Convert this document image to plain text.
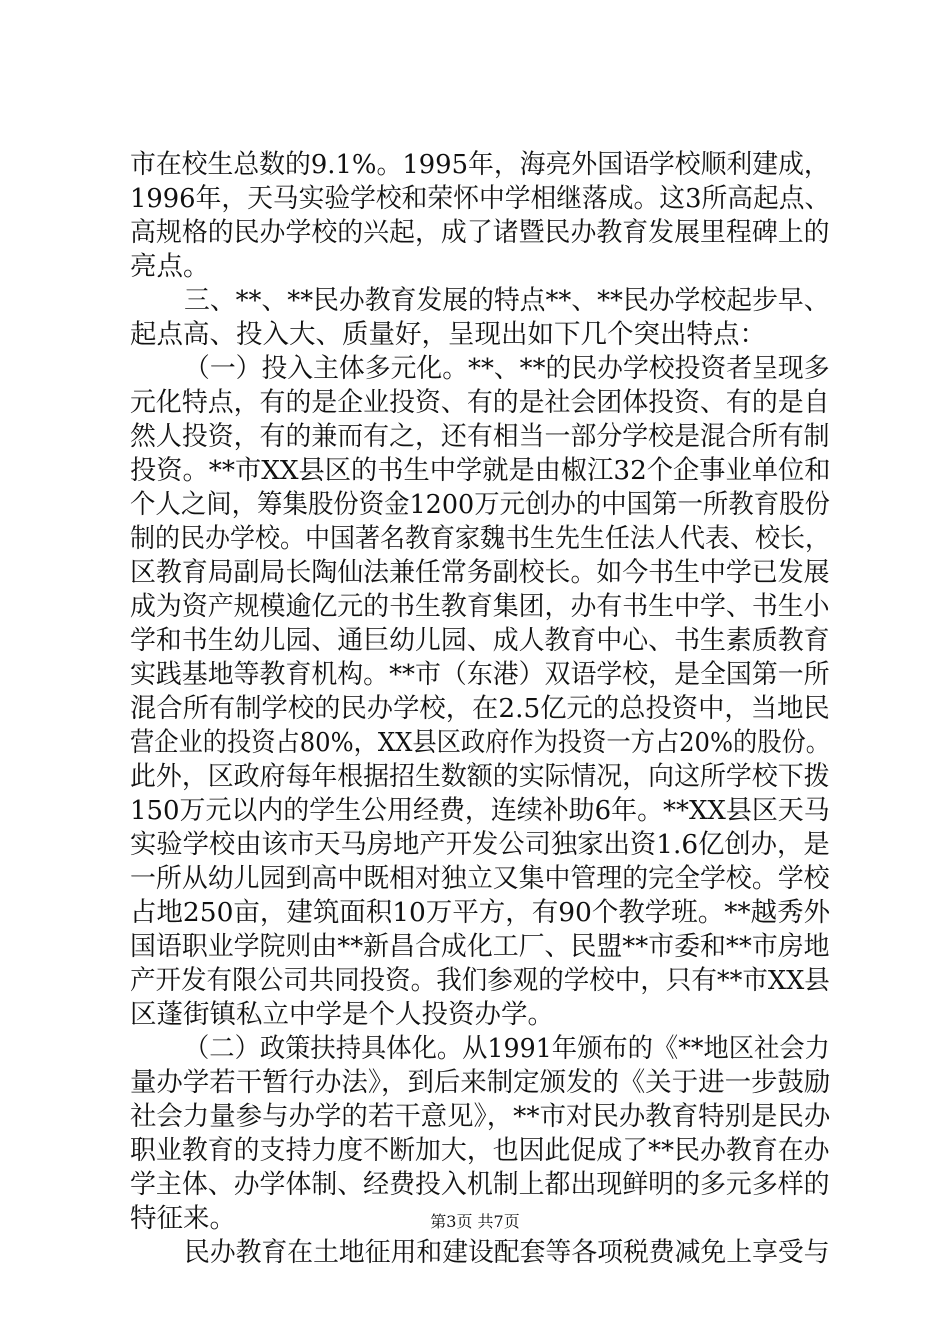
市在校生总数的9.1%。1995年，海亮外国语学校顺利建成，
1996年，天马实验学校和荣怀中学相继落成。这3所高起点、
高规格的民办学校的兴起，成了诸暨民办教育发展里程碑上的
亮点。
三、**、**民办教育发展的特点**、**民办学校起步早、
起点高、投入大、质量好，呈现出如下几个突出特点：
（一）投入主体多元化。**、**的民办学校投资者呈现多
元化特点，有的是企业投资、有的是社会团体投资、有的是自
然人投资，有的兼而有之，还有相当一部分学校是混合所有制
投资。**市XX县区的书生中学就是由椒江32个企事业单位和
个人之间，筹集股份资金1200万元创办的中国第一所教育股份
制的民办学校。中国著名教育家魏书生先生任法人代表、校长，
区教育局副局长陶仙法兼任常务副校长。如今书生中学已发展
成为资产规模逾亿元的书生教育集团，办有书生中学、书生小
学和书生幼儿园、通巨幼儿园、成人教育中心、书生素质教育
实践基地等教育机构。**市（东港）双语学校，是全国第一所
混合所有制学校的民办学校，在2.5亿元的总投资中，当地民
营企业的投资占80%，XX县区政府作为投资一方占20%的股份。
此外，区政府每年根据招生数额的实际情况，向这所学校下拨
150万元以内的学生公用经费，连续补助6年。**XX县区天马
实验学校由该市天马房地产开发公司独家出资1.6亿创办，是
一所从幼儿园到高中既相对独立又集中管理的完全学校。学校
占地250亩，建筑面积10万平方，有90个教学班。**越秀外
国语职业学院则由**新昌合成化工厂、民盟**市委和**市房地
产开发有限公司共同投资。我们参观的学校中，只有**市XX县
区蓬街镇私立中学是个人投资办学。
（二）政策扶持具体化。从1991年颁布的《**地区社会力
量办学若干暂行办法》，到后来制定颁发的《关于进一步鼓励
社会力量参与办学的若干意见》，**市对民办教育特别是民办
职业教育的支持力度不断加大，也因此促成了**民办教育在办
学主体、办学体制、经费投入机制上都出现鲜明的多元多样的
特征来。
民办教育在土地征用和建设配套等各项税费减免上享受与
第3页 共7页
